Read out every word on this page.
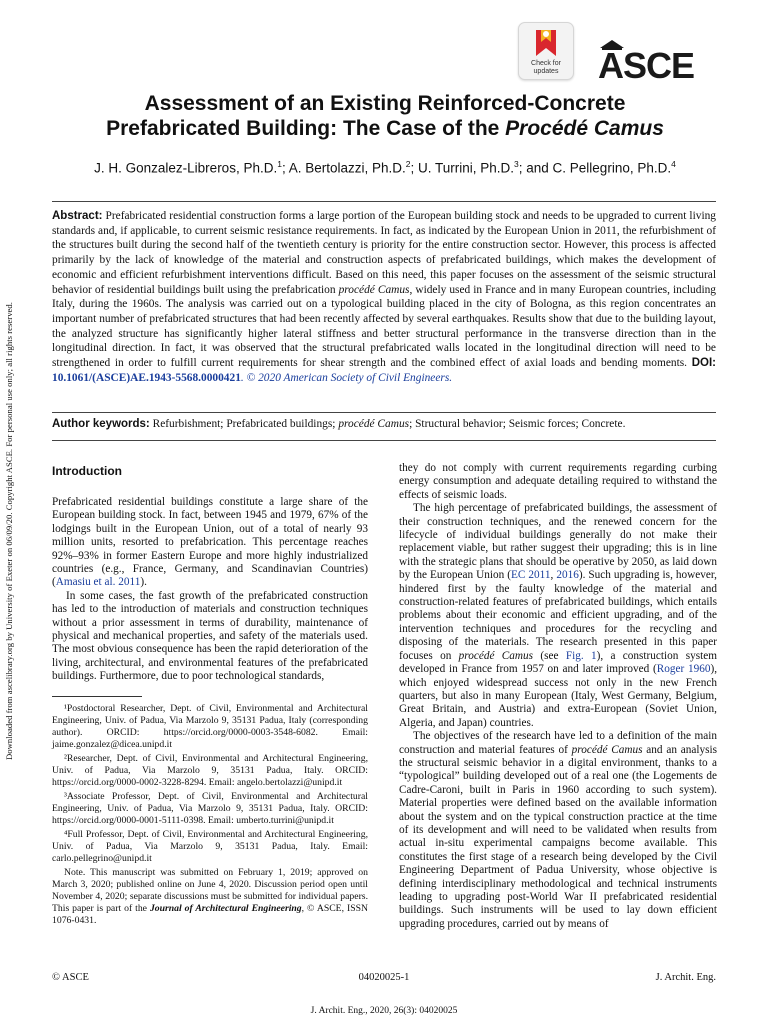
Downloaded from ascelibrary.org by University of Exeter on 06/09/20. Copyright ASCE. For personal use only; all rights reserved.
Check for
updates	ASCE
Assessment of an Existing Reinforced-Concrete
Prefabricated Building: The Case of the Procédé Camus
J. H. Gonzalez-Libreros, Ph.D.$^1$; A. Bertolazzi, Ph.D.$^2$; U. Turrini, Ph.D.$^3$; and C. Pellegrino, Ph.D.$^4$
Abstract: Prefabricated residential construction forms a large portion of the European building stock and needs to be upgraded to current living standards and, if applicable, to current seismic resistance requirements. In fact, as indicated by the European Union in 2011, the refurbishment of the structures built during the second half of the twentieth century is priority for the entire construction sector. However, this process is affected primarily by the lack of knowledge of the material and construction aspects of prefabricated buildings, which makes the development of economic and efficient refurbishment interventions difficult. Based on this need, this paper focuses on the assessment of the seismic structural behavior of residential buildings built using the prefabrication procédé Camus, widely used in France and in many European countries, including Italy, during the 1960s. The analysis was carried out on a typological building placed in the city of Bologna, as this region concentrates an important number of prefabricated structures that had been recently affected by several earthquakes. Results show that due to the building layout, the analyzed structure has significantly higher lateral stiffness and better structural performance in the transverse direction than in the longitudinal direction. In fact, it was observed that the structural prefabricated walls located in the longitudinal direction will need to be strengthened in order to fulfill current requirements for shear strength and the combined effect of axial loads and bending moments. DOI: 10.1061/(ASCE)AE.1943-5568.0000421. © 2020 American Society of Civil Engineers.
Author keywords: Refurbishment; Prefabricated buildings; procédé Camus; Structural behavior; Seismic forces; Concrete.
Introduction

Prefabricated residential buildings constitute a large share of the European building stock. In fact, between 1945 and 1979, 67% of the lodgings built in the European Union, out of a total of nearly 93 million units, resorted to prefabrication. This percentage reaches 92%–93% in former Eastern Europe and more highly industrialized countries (e.g., France, Germany, and Scandinavian Countries) (Amasiu et al. 2011).

In some cases, the fast growth of the prefabricated construction has led to the introduction of materials and construction techniques without a prior assessment in terms of durability, maintenance of physical and mechanical properties, and safety of the materials used. The most obvious consequence has been the rapid deterioration of the living, architectural, and environmental features of the prefabricated buildings. Furthermore, due to poor technological standards,

¹Postdoctoral Researcher, Dept. of Civil, Environmental and Architectural Engineering, Univ. of Padua, Via Marzolo 9, 35131 Padua, Italy (corresponding author). ORCID: https://orcid.org/0000-0003-3548-6082. Email: jaime.gonzalez@dicea.unipd.it

²Researcher, Dept. of Civil, Environmental and Architectural Engineering, Univ. of Padua, Via Marzolo 9, 35131 Padua, Italy. ORCID: https://orcid.org/0000-0002-3228-8294. Email: angelo.bertolazzi@unipd.it

³Associate Professor, Dept. of Civil, Environmental and Architectural Engineering, Univ. of Padua, Via Marzolo 9, 35131 Padua, Italy. ORCID: https://orcid.org/0000-0001-5111-0398. Email: umberto.turrini@unipd.it

⁴Full Professor, Dept. of Civil, Environmental and Architectural Engineering, Univ. of Padua, Via Marzolo 9, 35131 Padua, Italy. Email: carlo.pellegrino@unipd.it

Note. This manuscript was submitted on February 1, 2019; approved on March 3, 2020; published online on June 4, 2020. Discussion period open until November 4, 2020; separate discussions must be submitted for individual papers. This paper is part of the Journal of Architectural Engineering, © ASCE, ISSN 1076-0431.

they do not comply with current requirements regarding curbing energy consumption and adequate detailing required to withstand the effects of seismic loads.

The high percentage of prefabricated buildings, the assessment of their construction techniques, and the renewed concern for the lifecycle of individual buildings generally do not make their replacement viable, but rather suggest their upgrading; this is in line with the strategic plans that should be operative by 2050, as laid down by the European Union (EC 2011, 2016). Such upgrading is, however, hindered first by the faulty knowledge of the material and construction-related features of prefabricated buildings, which entails problems about their economic and efficient upgrading, and of the intervention techniques and procedures for the recycling and disposing of the materials. The research presented in this paper focuses on procédé Camus (see Fig. 1), a construction system developed in France from 1957 on and later improved (Roger 1960), which enjoyed widespread success not only in the new French quarters, but also in many European (Italy, West Germany, Belgium, Great Britain, and Austria) and extra-European (Soviet Union, Algeria, and Japan) countries.

The objectives of the research have led to a definition of the main construction and material features of procédé Camus and an analysis the structural seismic behavior in a digital environment, thanks to a “typological” building developed out of a real one (the Logements de Cadre-Caroni, built in Paris in 1960 according to such system). Material properties were defined based on the available information about the system and on the typical construction practice at the time of its development and will need to be validated when results from actual in-situ experimental campaigns become available. This constitutes the first stage of a research being developed by the Civil Engineering Department of Padua University, whose objective is defining interdisciplinary methodological and technical instruments leading to upgrading post-World War II prefabricated residential buildings. Such instruments will be used to lay down efficient upgrading procedures, carried out by means of

© ASCE	04020025-1	J. Archit. Eng.
J. Archit. Eng., 2020, 26(3): 04020025
